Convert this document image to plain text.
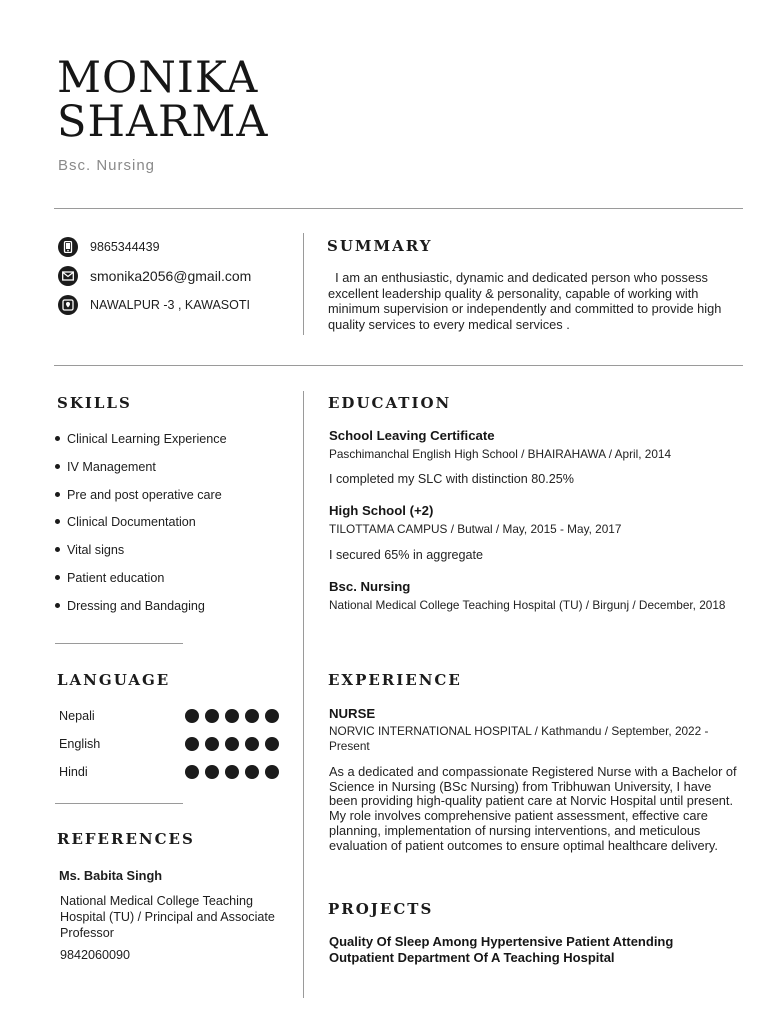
MONIKA
SHARMA
Bsc. Nursing
9865344439
smonika2056@gmail.com
NAWALPUR -3 , KAWASOTI
SUMMARY
I am an enthusiastic, dynamic and dedicated person who possess excellent leadership quality & personality, capable of working with minimum supervision or independently and committed to provide high quality services to every medical services .
SKILLS
Clinical Learning Experience
IV Management
Pre and post operative care
Clinical Documentation
Vital signs
Patient education
Dressing and Bandaging
LANGUAGE
Nepali
English
Hindi
REFERENCES
Ms. Babita Singh
National Medical College Teaching Hospital (TU) / Principal and Associate Professor
9842060090
EDUCATION
School Leaving Certificate
Paschimanchal English High School / BHAIRAHAWA / April, 2014
I completed my SLC with distinction 80.25%
High School (+2)
TILOTTAMA CAMPUS / Butwal / May, 2015 - May, 2017
I secured 65% in aggregate
Bsc. Nursing
National Medical College Teaching Hospital (TU) / Birgunj / December, 2018
EXPERIENCE
NURSE
NORVIC INTERNATIONAL HOSPITAL / Kathmandu / September, 2022 - Present
As a dedicated and compassionate Registered Nurse with a Bachelor of Science in Nursing (BSc Nursing) from Tribhuwan University, I have been providing high-quality patient care at Norvic Hospital until present. My role involves comprehensive patient assessment, effective care planning, implementation of nursing interventions, and meticulous evaluation of patient outcomes to ensure optimal healthcare delivery.
PROJECTS
Quality Of Sleep Among Hypertensive Patient Attending Outpatient Department Of A Teaching Hospital
